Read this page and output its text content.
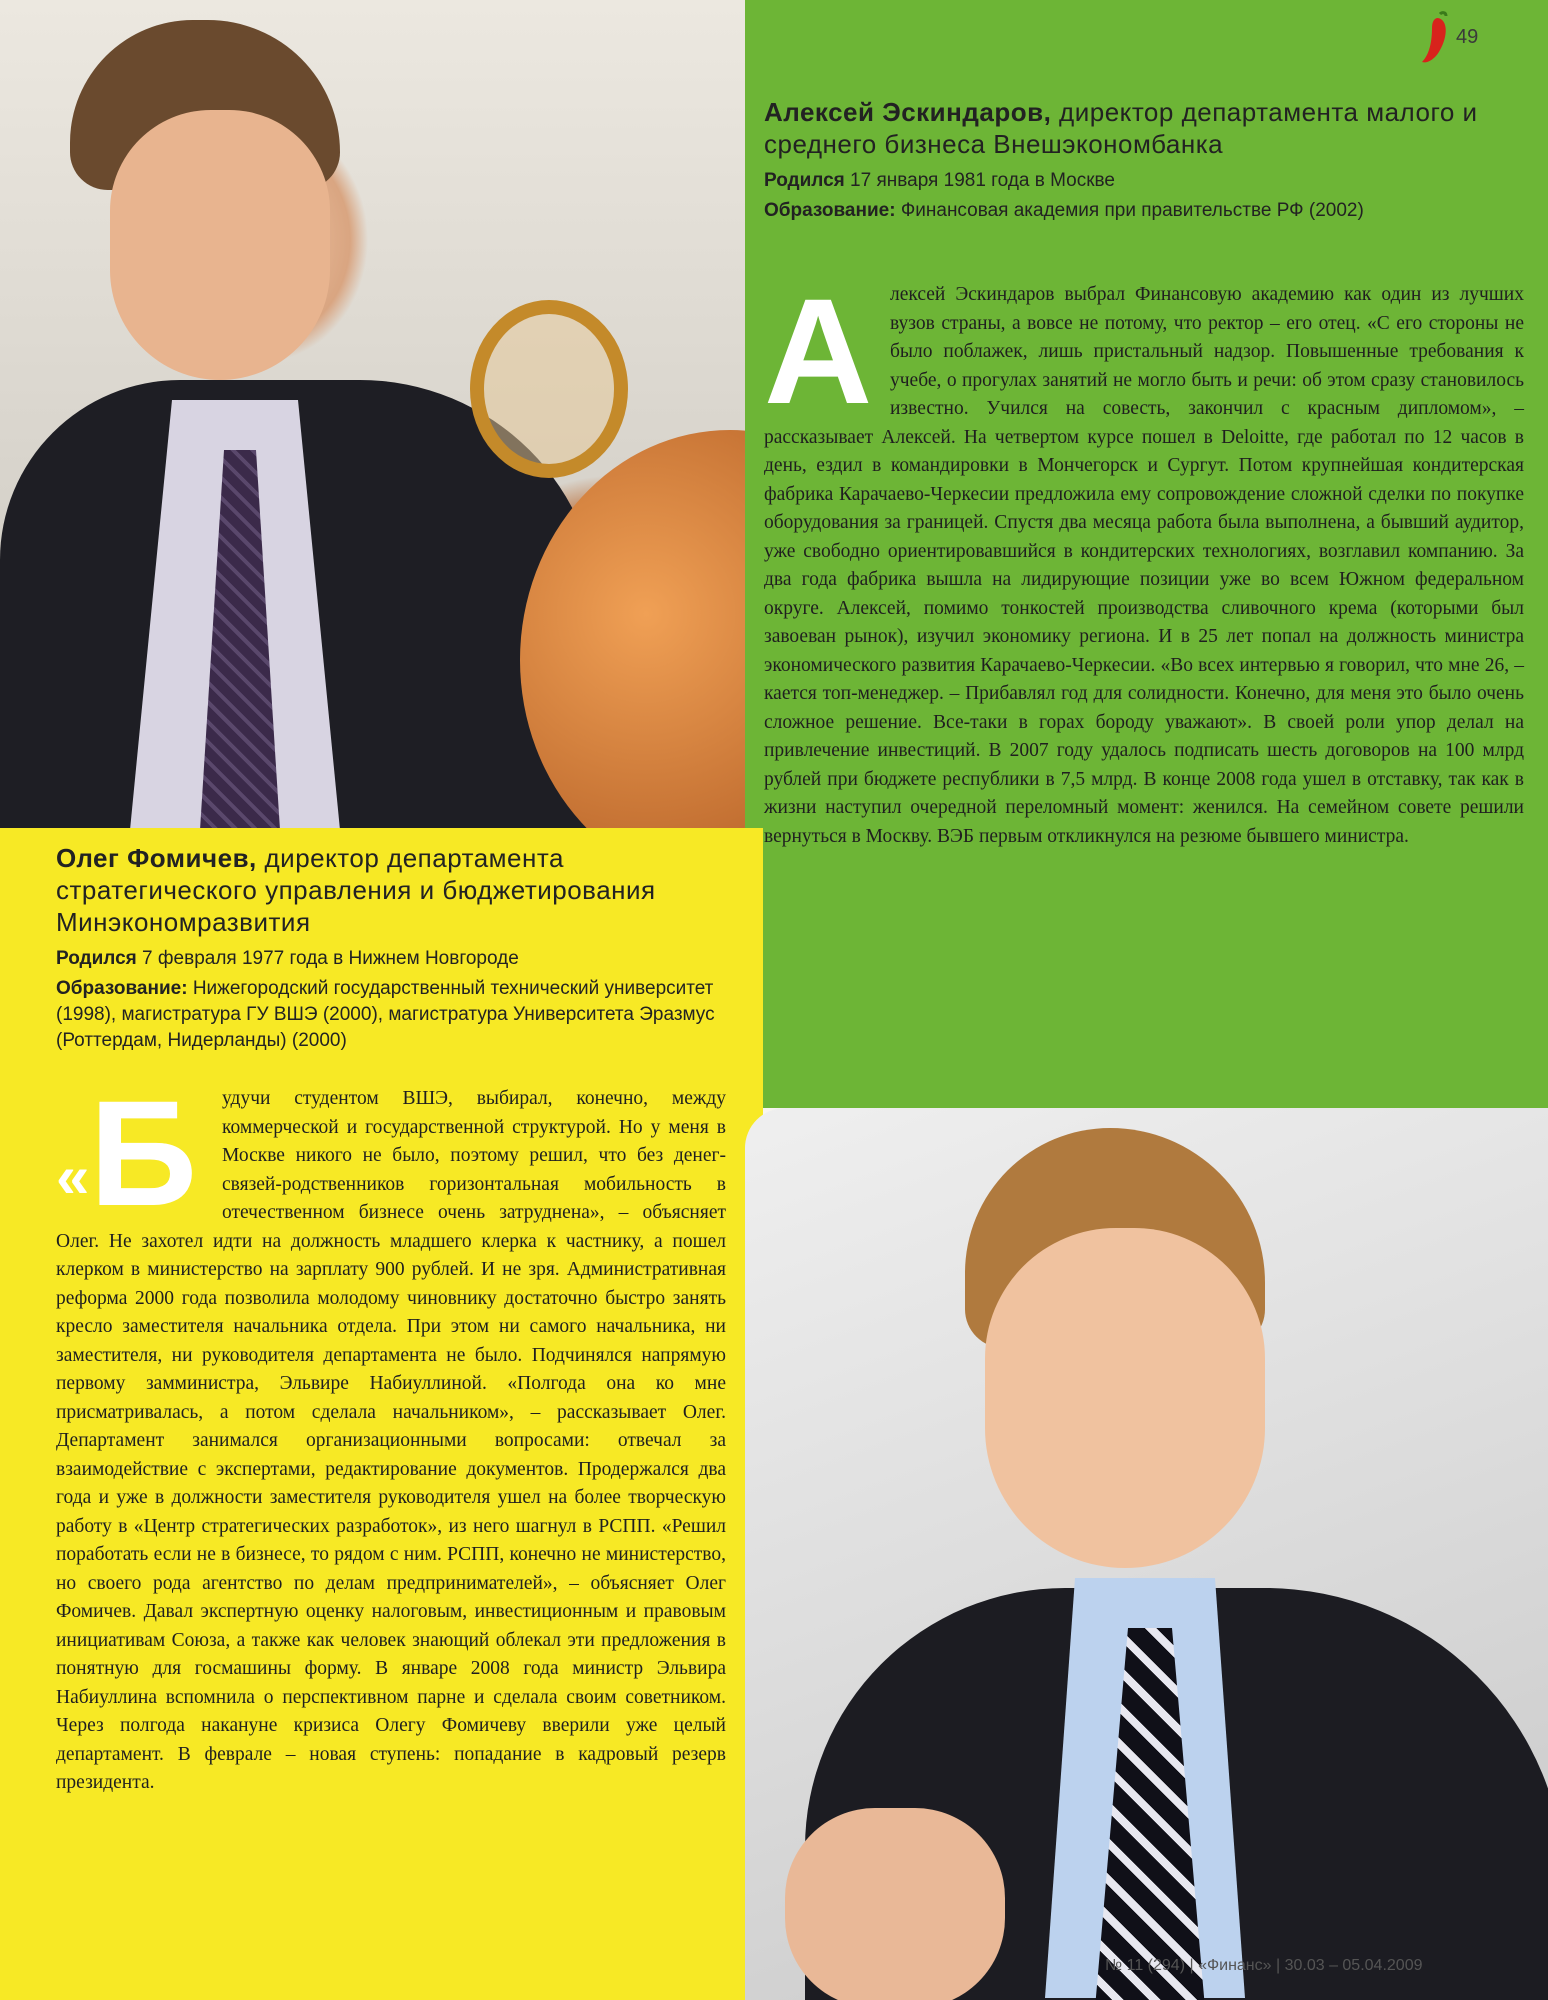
49
Алексей Эскиндаров, директор департамента малого и среднего бизнеса Внешэкономбанка
Родился 17 января 1981 года в Москве
Образование: Финансовая академия при правительстве РФ (2002)
Алексей Эскиндаров выбрал Финансовую академию как один из лучших вузов страны, а вовсе не потому, что ректор – его отец. «С его стороны не было поблажек, лишь пристальный надзор. Повышенные требования к учебе, о прогулах занятий не могло быть и речи: об этом сразу становилось известно. Учился на совесть, закончил с красным дипломом», – рассказывает Алексей. На четвертом курсе пошел в Deloitte, где работал по 12 часов в день, ездил в командировки в Мончегорск и Сургут. Потом крупнейшая кондитерская фабрика Карачаево-Черкесии предложила ему сопровождение сложной сделки по покупке оборудования за границей. Спустя два месяца работа была выполнена, а бывший аудитор, уже свободно ориентировавшийся в кондитерских технологиях, возглавил компанию. За два года фабрика вышла на лидирующие позиции уже во всем Южном федеральном округе. Алексей, помимо тонкостей производства сливочного крема (которыми был завоеван рынок), изучил экономику региона. И в 25 лет попал на должность министра экономического развития Карачаево-Черкесии. «Во всех интервью я говорил, что мне 26, – кается топ-менеджер. – Прибавлял год для солидности. Конечно, для меня это было очень сложное решение. Все-таки в горах бороду уважают». В своей роли упор делал на привлечение инвестиций. В 2007 году удалось подписать шесть договоров на 100 млрд рублей при бюджете республики в 7,5 млрд. В конце 2008 года ушел в отставку, так как в жизни наступил очередной переломный момент: женился. На семейном совете решили вернуться в Москву. ВЭБ первым откликнулся на резюме бывшего министра.
Олег Фомичев, директор департамента стратегического управления и бюджетирования Минэкономразвития
Родился 7 февраля 1977 года в Нижнем Новгороде
Образование: Нижегородский государственный технический университет (1998), магистратура ГУ ВШЭ (2000), магистратура Университета Эразмус (Роттердам, Нидерланды) (2000)
«Б	удучи студентом ВШЭ, выбирал, конечно, между коммерческой и государственной структурой. Но у меня в Москве никого не было, поэтому решил, что без денег-связей-родственников горизонтальная мобильность в отечественном бизнесе очень затруднена», – объясняет Олег. Не захотел идти на должность младшего клерка к частнику, а пошел клерком в министерство на зарплату 900 рублей. И не зря. Административная реформа 2000 года позволила молодому чиновнику достаточно быстро занять кресло заместителя начальника отдела. При этом ни самого начальника, ни заместителя, ни руководителя департамента не было. Подчинялся напрямую первому замминистра, Эльвире Набиуллиной. «Полгода она ко мне присматривалась, а потом сделала начальником», – рассказывает Олег. Департамент занимался организационными вопросами: отвечал за взаимодействие с экспертами, редактирование документов. Продержался два года и уже в должности заместителя руководителя ушел на более творческую работу в «Центр стратегических разработок», из него шагнул в РСПП. «Решил поработать если не в бизнесе, то рядом с ним. РСПП, конечно не министерство, но своего рода агентство по делам предпринимателей», – объясняет Олег Фомичев. Давал экспертную оценку налоговым, инвестиционным и правовым инициативам Союза, а также как человек знающий облекал эти предложения в понятную для госмашины форму. В январе 2008 года министр Эльвира Набиуллина вспомнила о перспективном парне и сделала своим советником. Через полгода накануне кризиса Олегу Фомичеву вверили уже целый департамент. В феврале – новая ступень: попадание в кадровый резерв президента.
№ 11 (294) | «Финанс» | 30.03 – 05.04.2009
